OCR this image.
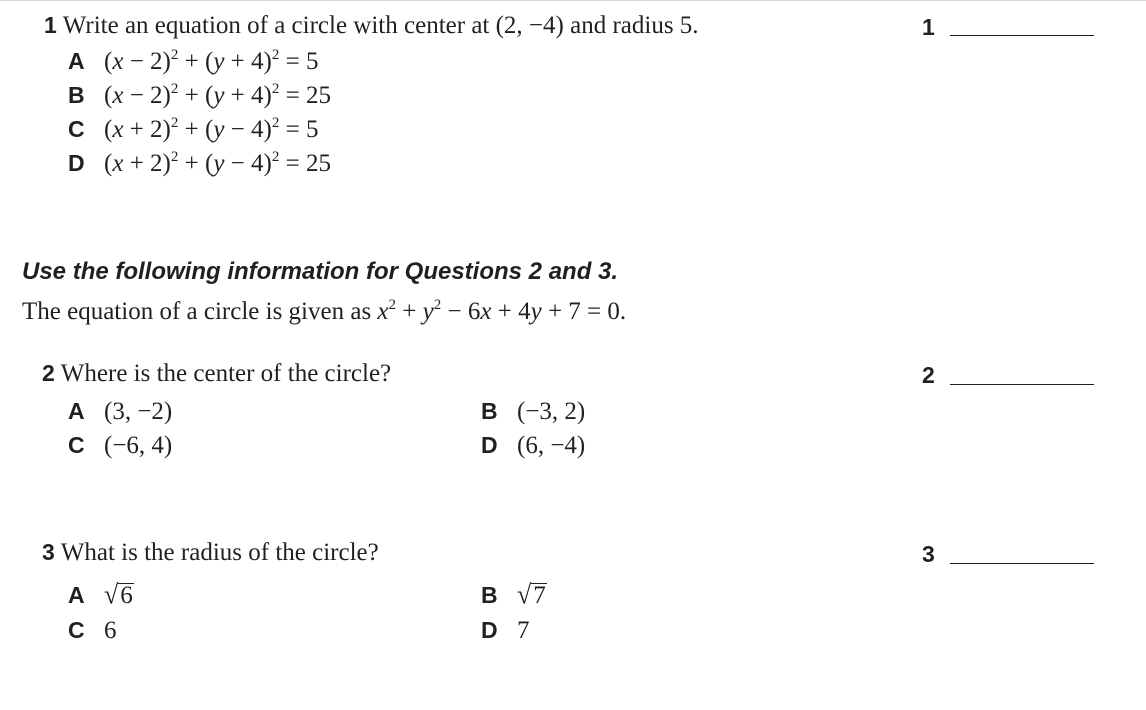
1 Write an equation of a circle with center at (2, −4) and radius 5.	1
A $(x - 2)^2 + (y + 4)^2 = 5$
B $(x - 2)^2 + (y + 4)^2 = 25$
C $(x + 2)^2 + (y - 4)^2 = 5$
D $(x + 2)^2 + (y - 4)^2 = 25$
Use the following information for Questions 2 and 3.
The equation of a circle is given as $x^2 + y^2 - 6x + 4y + 7 = 0$.
2 Where is the center of the circle?	2
A (3, −2)	B (−3, 2)
C (−6, 4)	D (6, −4)
3 What is the radius of the circle?	3
A √6	B √7
C 6	D 7
